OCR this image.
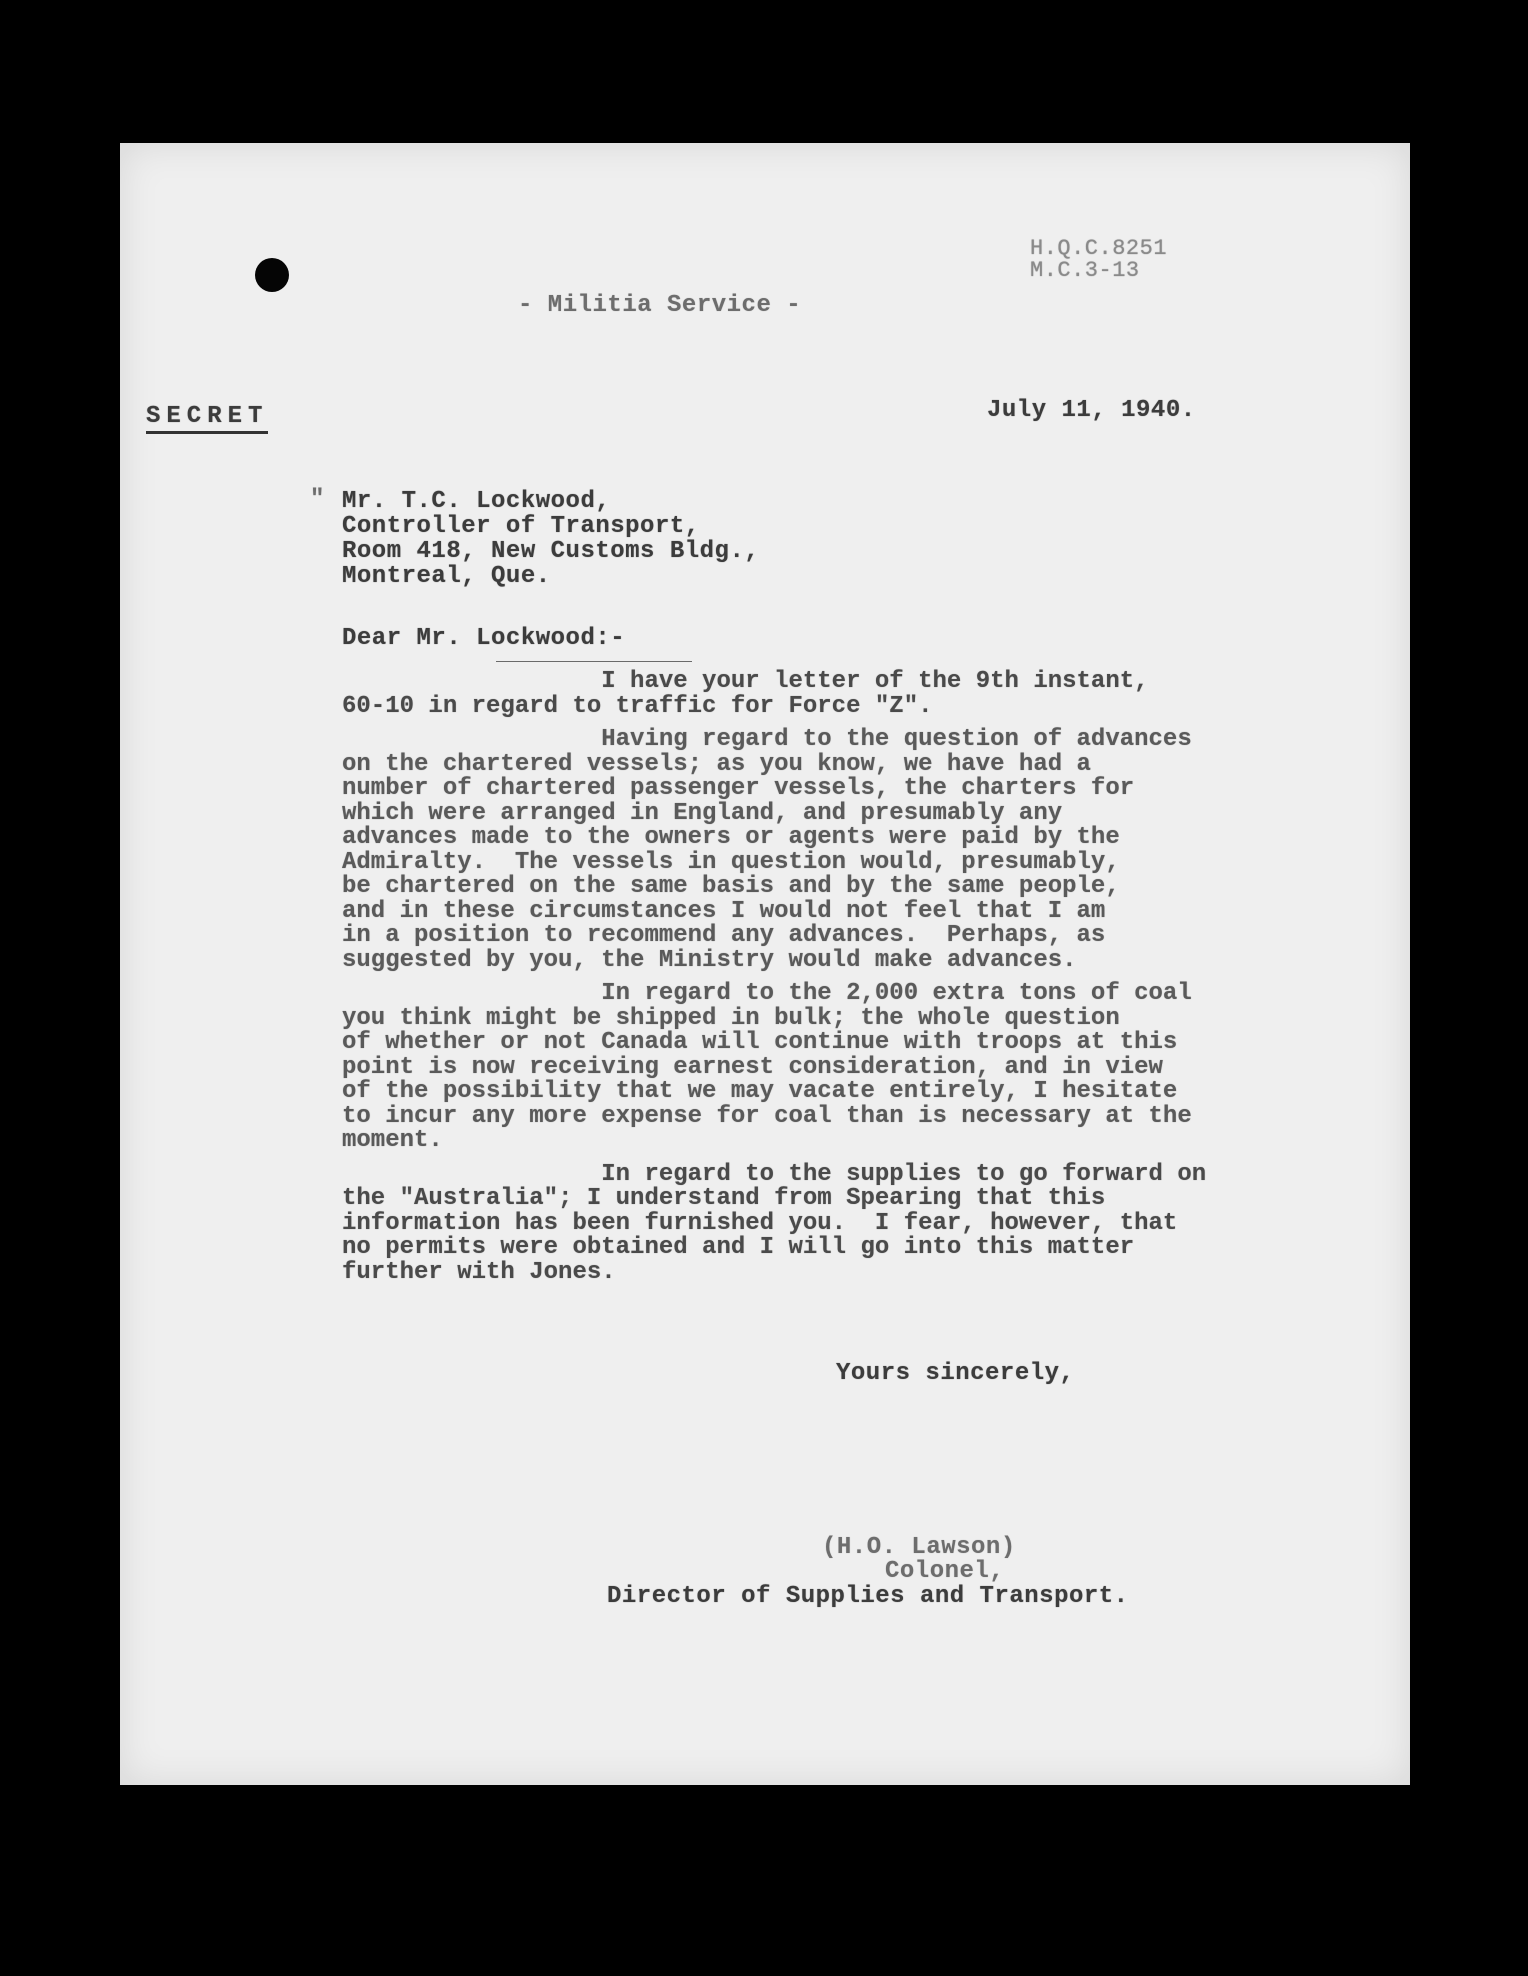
H.Q.C.8251
M.C.3-13
- Militia Service -
SECRET	July 11, 1940.
" Mr. T.C. Lockwood,
Controller of Transport,
Room 418, New Customs Bldg.,
Montreal, Que.
Dear Mr. Lockwood:-
I have your letter of the 9th instant,
60-10 in regard to traffic for Force "Z".
Having regard to the question of advances
on the chartered vessels; as you know, we have had a
number of chartered passenger vessels, the charters for
which were arranged in England, and presumably any
advances made to the owners or agents were paid by the
Admiralty.  The vessels in question would, presumably,
be chartered on the same basis and by the same people,
and in these circumstances I would not feel that I am
in a position to recommend any advances.  Perhaps, as
suggested by you, the Ministry would make advances.
In regard to the 2,000 extra tons of coal
you think might be shipped in bulk; the whole question
of whether or not Canada will continue with troops at this
point is now receiving earnest consideration, and in view
of the possibility that we may vacate entirely, I hesitate
to incur any more expense for coal than is necessary at the
moment.
In regard to the supplies to go forward on
the "Australia"; I understand from Spearing that this
information has been furnished you.  I fear, however, that
no permits were obtained and I will go into this matter
further with Jones.
Yours sincerely,
(H.O. Lawson)
Colonel,
Director of Supplies and Transport.
